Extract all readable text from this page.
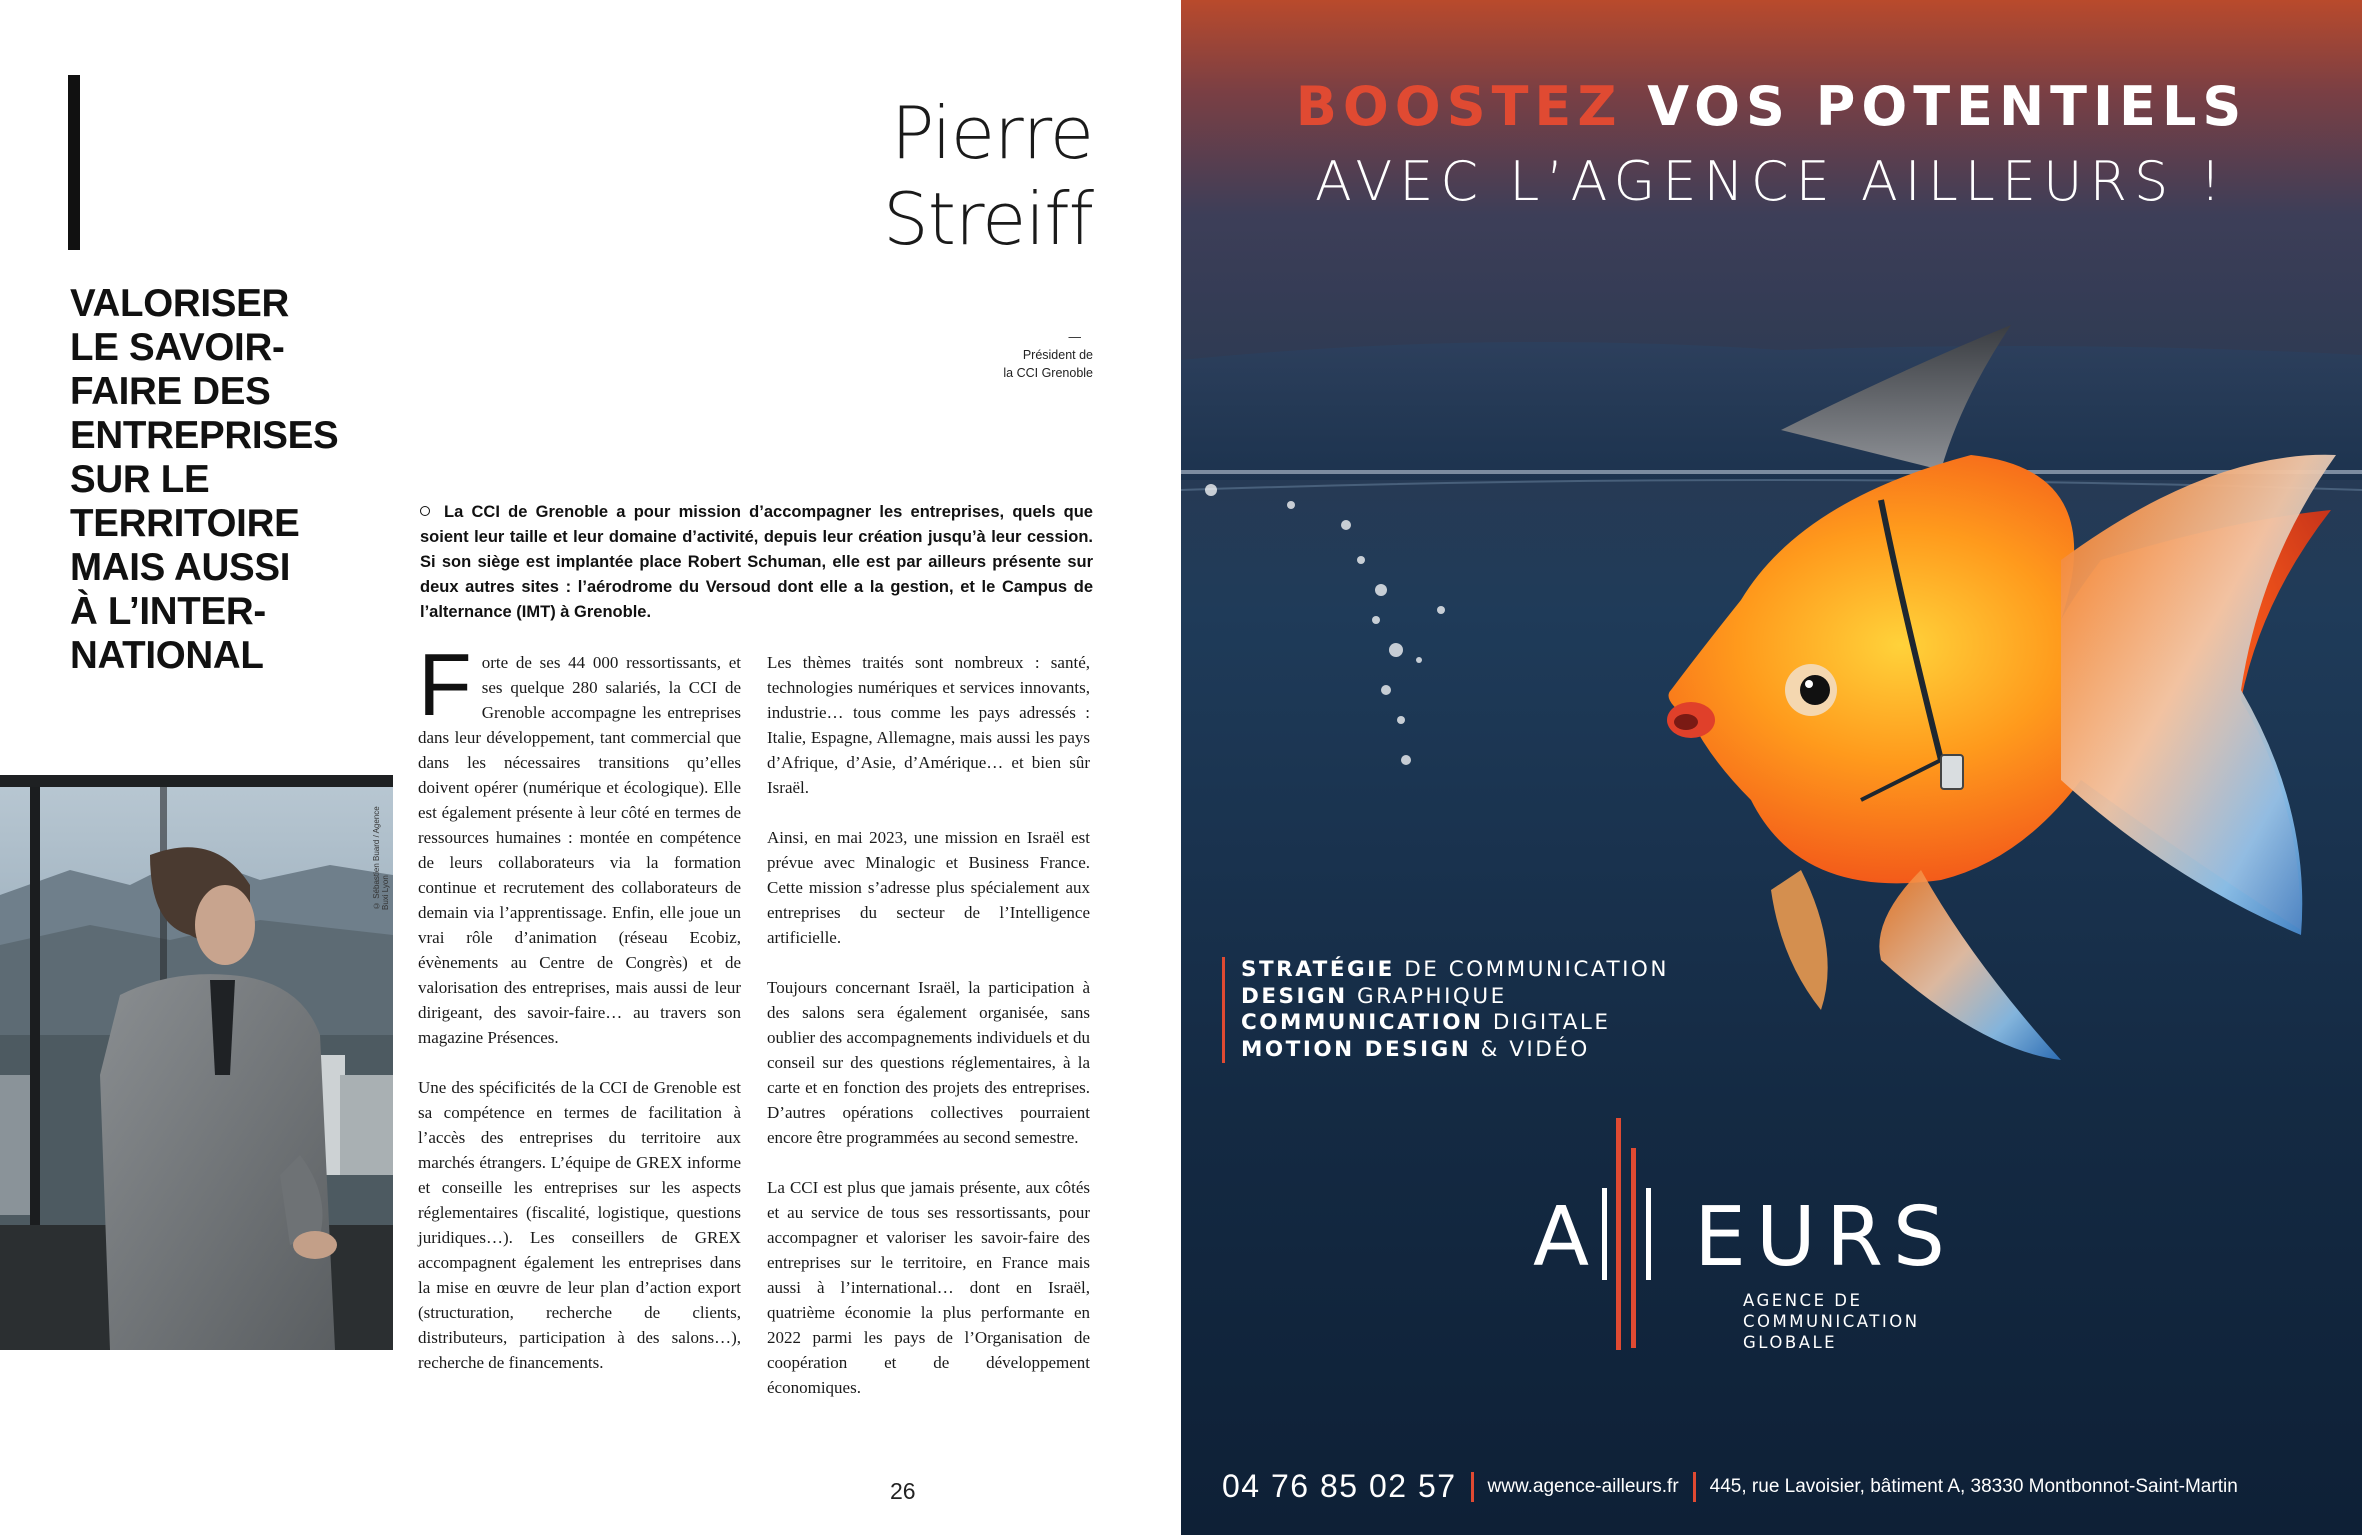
VALORISER
LE SAVOIR-
FAIRE DES
ENTREPRISES
SUR LE
TERRITOIRE
MAIS AUSSI
À L’INTER-
NATIONAL
Pierre
Streiff
—
Président de
la CCI Grenoble

La CCI de Grenoble a pour mission d’accompagner les entreprises, quels que soient leur taille et leur domaine d’activité, depuis leur création jusqu’à leur cession. Si son siège est implantée place Robert Schuman, elle est par ailleurs présente sur deux autres sites : l’aérodrome du Versoud dont elle a la gestion, et le Campus de l’alternance (IMT) à Grenoble.

Forte de ses 44 000 ressortissants, et ses quelque 280 salariés, la CCI de Grenoble accompagne les entreprises dans leur développement, tant commercial que dans les nécessaires transitions qu’elles doivent opérer (numérique et écologique). Elle est également présente à leur côté en termes de ressources humaines : montée en compétence de leurs collaborateurs via la formation continue et recrutement des collaborateurs de demain via l’apprentissage. Enfin, elle joue un vrai rôle d’animation (réseau Ecobiz, évènements au Centre de Congrès) et de valorisation des entreprises, mais aussi de leur dirigeant, des savoir-faire… au travers son magazine Présences.

Une des spécificités de la CCI de Grenoble est sa compétence en termes de facilitation à l’accès des entreprises du territoire aux marchés étrangers. L’équipe de GREX informe et conseille les entreprises sur les aspects réglementaires (fiscalité, logistique, questions juridiques…). Les conseillers de GREX accompagnent également les entreprises dans la mise en œuvre de leur plan d’action export (structuration, recherche de clients, distributeurs, participation à des salons…), recherche de financements.

Les thèmes traités sont nombreux : santé, technologies numériques et services innovants, industrie… tous comme les pays adressés : Italie, Espagne, Allemagne, mais aussi les pays d’Afrique, d’Asie, d’Amérique… et bien sûr Israël.

Ainsi, en mai 2023, une mission en Israël est prévue avec Minalogic et Business France. Cette mission s’adresse plus spécialement aux entreprises du secteur de l’Intelligence artificielle.

Toujours concernant Israël, la participation à des salons sera également organisée, sans oublier des accompagnements individuels et du conseil sur des questions réglementaires, à la carte et en fonction des projets des entreprises. D’autres opérations collectives pourraient encore être programmées au second semestre.

La CCI est plus que jamais présente, aux côtés et au service de tous ses ressortissants, pour accompagner et valoriser les savoir-faire des entreprises sur le territoire, en France mais aussi à l’international… dont en Israël, quatrième économie la plus performante en 2022 parmi les pays de l’Organisation de coopération et de développement économiques.

© Sébastien Buard / Agence Buxi Lyon
26
BOOSTEZ VOS POTENTIELS
AVEC L’AGENCE AILLEURS !
STRATÉGIE DE COMMUNICATION
DESIGN GRAPHIQUE
COMMUNICATION DIGITALE
MOTION DESIGN & VIDÉO
A EURS
AGENCE DE
COMMUNICATION
GLOBALE
04 76 85 02 57 www.agence-ailleurs.fr 445, rue Lavoisier, bâtiment A, 38330 Montbonnot-Saint-Martin
